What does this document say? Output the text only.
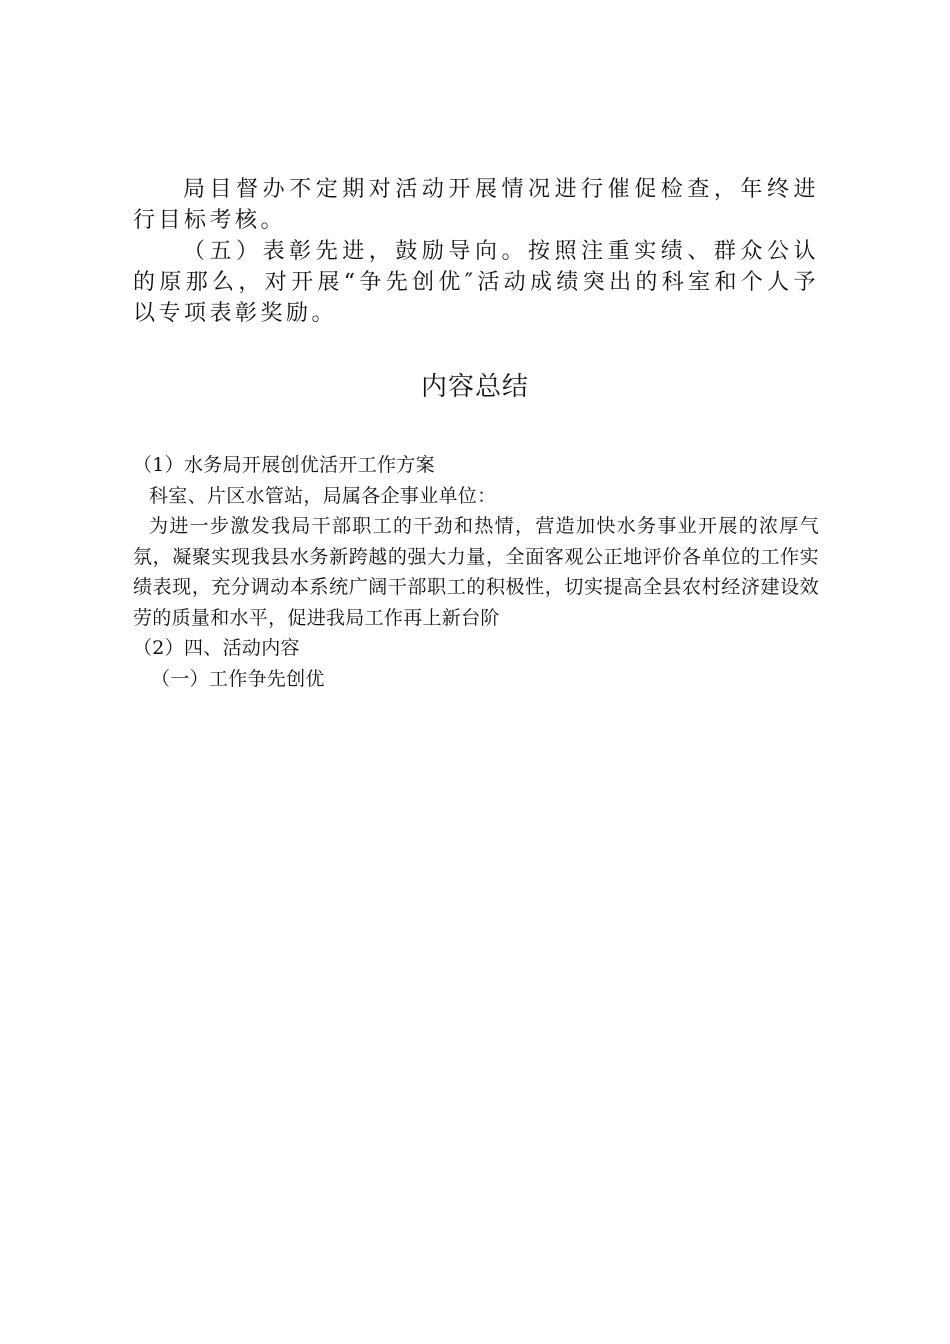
局目督办不定期对活动开展情况进行催促检查，年终进行目标考核。

（五）表彰先进，鼓励导向。按照注重实绩、群众公认的原那么，对开展“争先创优″活动成绩突出的科室和个人予以专项表彰奖励。

内容总结

（1）水务局开展创优活开工作方案

科室、片区水管站，局属各企事业单位：

为进一步激发我局干部职工的干劲和热情，营造加快水务事业开展的浓厚气氛，凝聚实现我县水务新跨越的强大力量，全面客观公正地评价各单位的工作实绩表现，充分调动本系统广阔干部职工的积极性，切实提高全县农村经济建设效劳的质量和水平，促进我局工作再上新台阶

（2）四、活动内容

（一）工作争先创优
